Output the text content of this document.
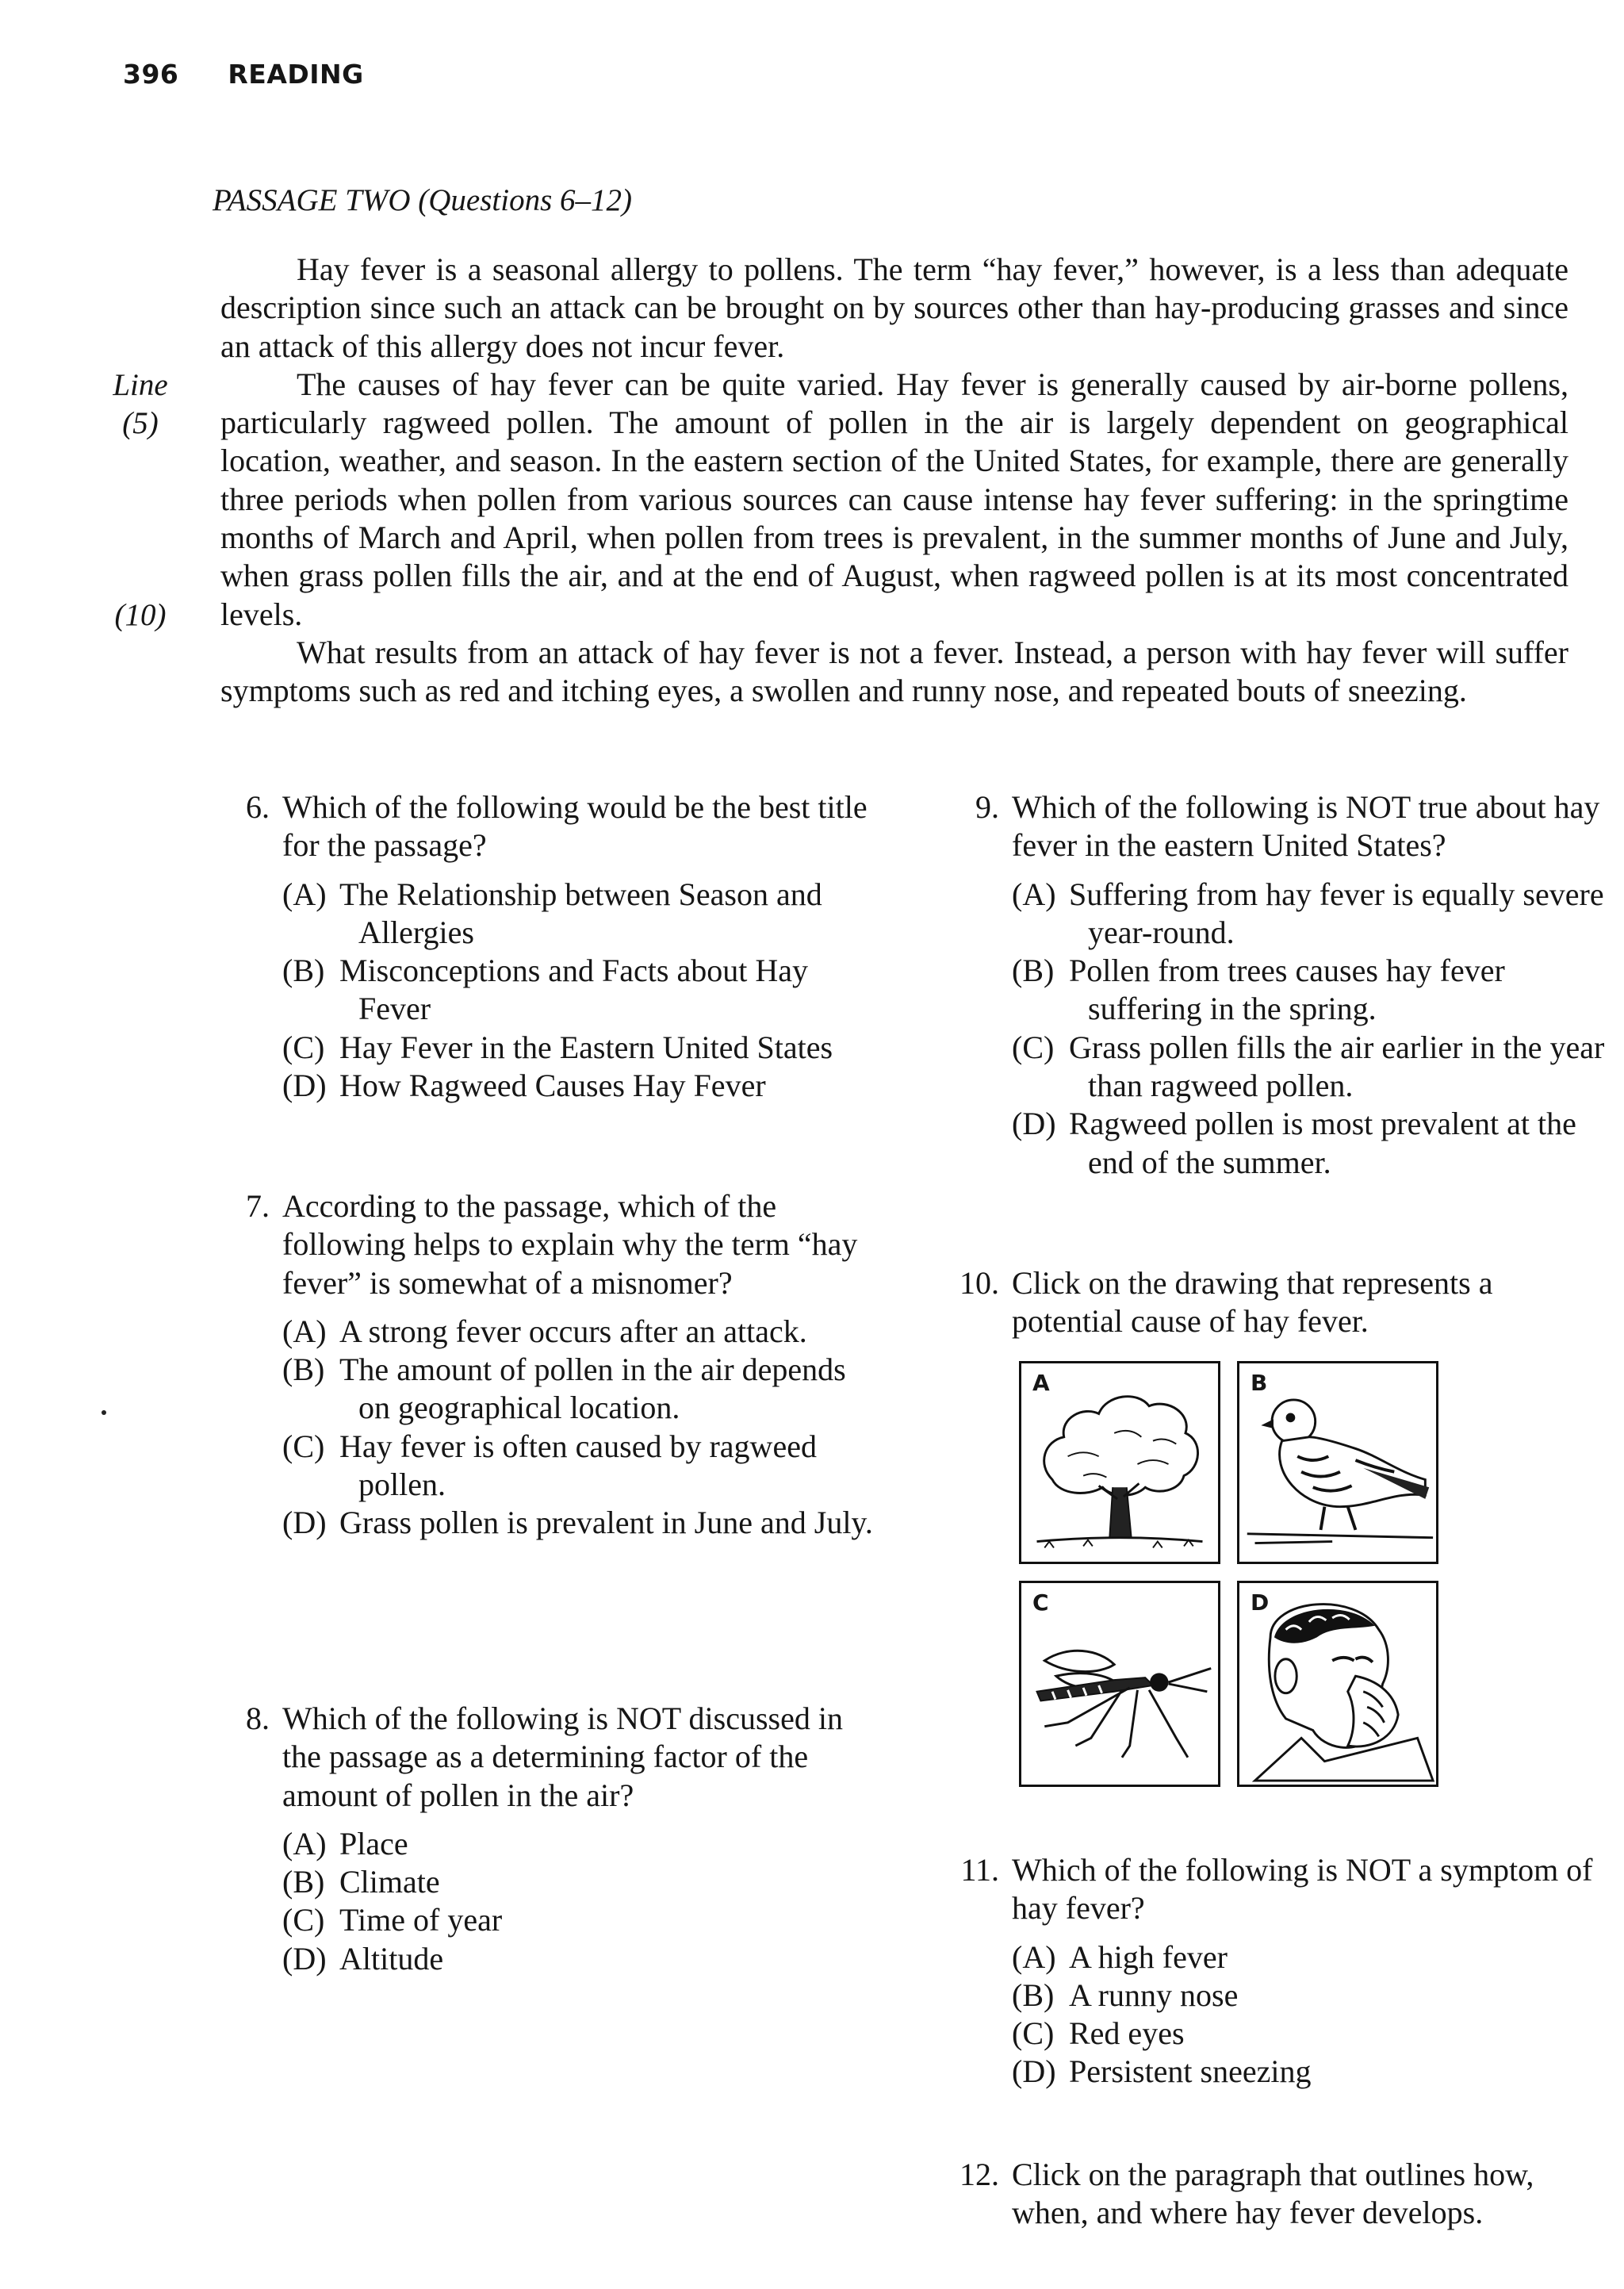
396 READING
PASSAGE TWO (Questions 6–12)
Line
(5)
(10)

Hay fever is a seasonal allergy to pollens. The term “hay fever,” however, is a less than adequate description since such an attack can be brought on by sources other than hay-producing grasses and since an attack of this allergy does not incur fever.

The causes of hay fever can be quite varied. Hay fever is generally caused by air-borne pollens, particularly ragweed pollen. The amount of pollen in the air is largely dependent on geographical location, weather, and season. In the eastern section of the United States, for example, there are generally three periods when pollen from various sources can cause intense hay fever suffering: in the springtime months of March and April, when pollen from trees is prevalent, in the summer months of June and July, when grass pollen fills the air, and at the end of August, when ragweed pollen is at its most concentrated levels.

What results from an attack of hay fever is not a fever. Instead, a person with hay fever will suffer symptoms such as red and itching eyes, a swollen and runny nose, and repeated bouts of sneezing.

6. Which of the following would be the best title for the passage?
(A) The Relationship between Season and Allergies
(B) Misconceptions and Facts about Hay Fever
(C) Hay Fever in the Eastern United States
(D) How Ragweed Causes Hay Fever
7. According to the passage, which of the following helps to explain why the term “hay fever” is somewhat of a misnomer?
(A) A strong fever occurs after an attack.
(B) The amount of pollen in the air depends on geographical location.
(C) Hay fever is often caused by ragweed pollen.
(D) Grass pollen is prevalent in June and July.
8. Which of the following is NOT discussed in the passage as a determining factor of the amount of pollen in the air?
(A) Place
(B) Climate
(C) Time of year
(D) Altitude
9. Which of the following is NOT true about hay fever in the eastern United States?
(A) Suffering from hay fever is equally severe year-round.
(B) Pollen from trees causes hay fever suffering in the spring.
(C) Grass pollen fills the air earlier in the year than ragweed pollen.
(D) Ragweed pollen is most prevalent at the end of the summer.
10. Click on the drawing that represents a potential cause of hay fever.
A	B
C	D
11. Which of the following is NOT a symptom of hay fever?
(A) A high fever
(B) A runny nose
(C) Red eyes
(D) Persistent sneezing
12. Click on the paragraph that outlines how, when, and where hay fever develops.
